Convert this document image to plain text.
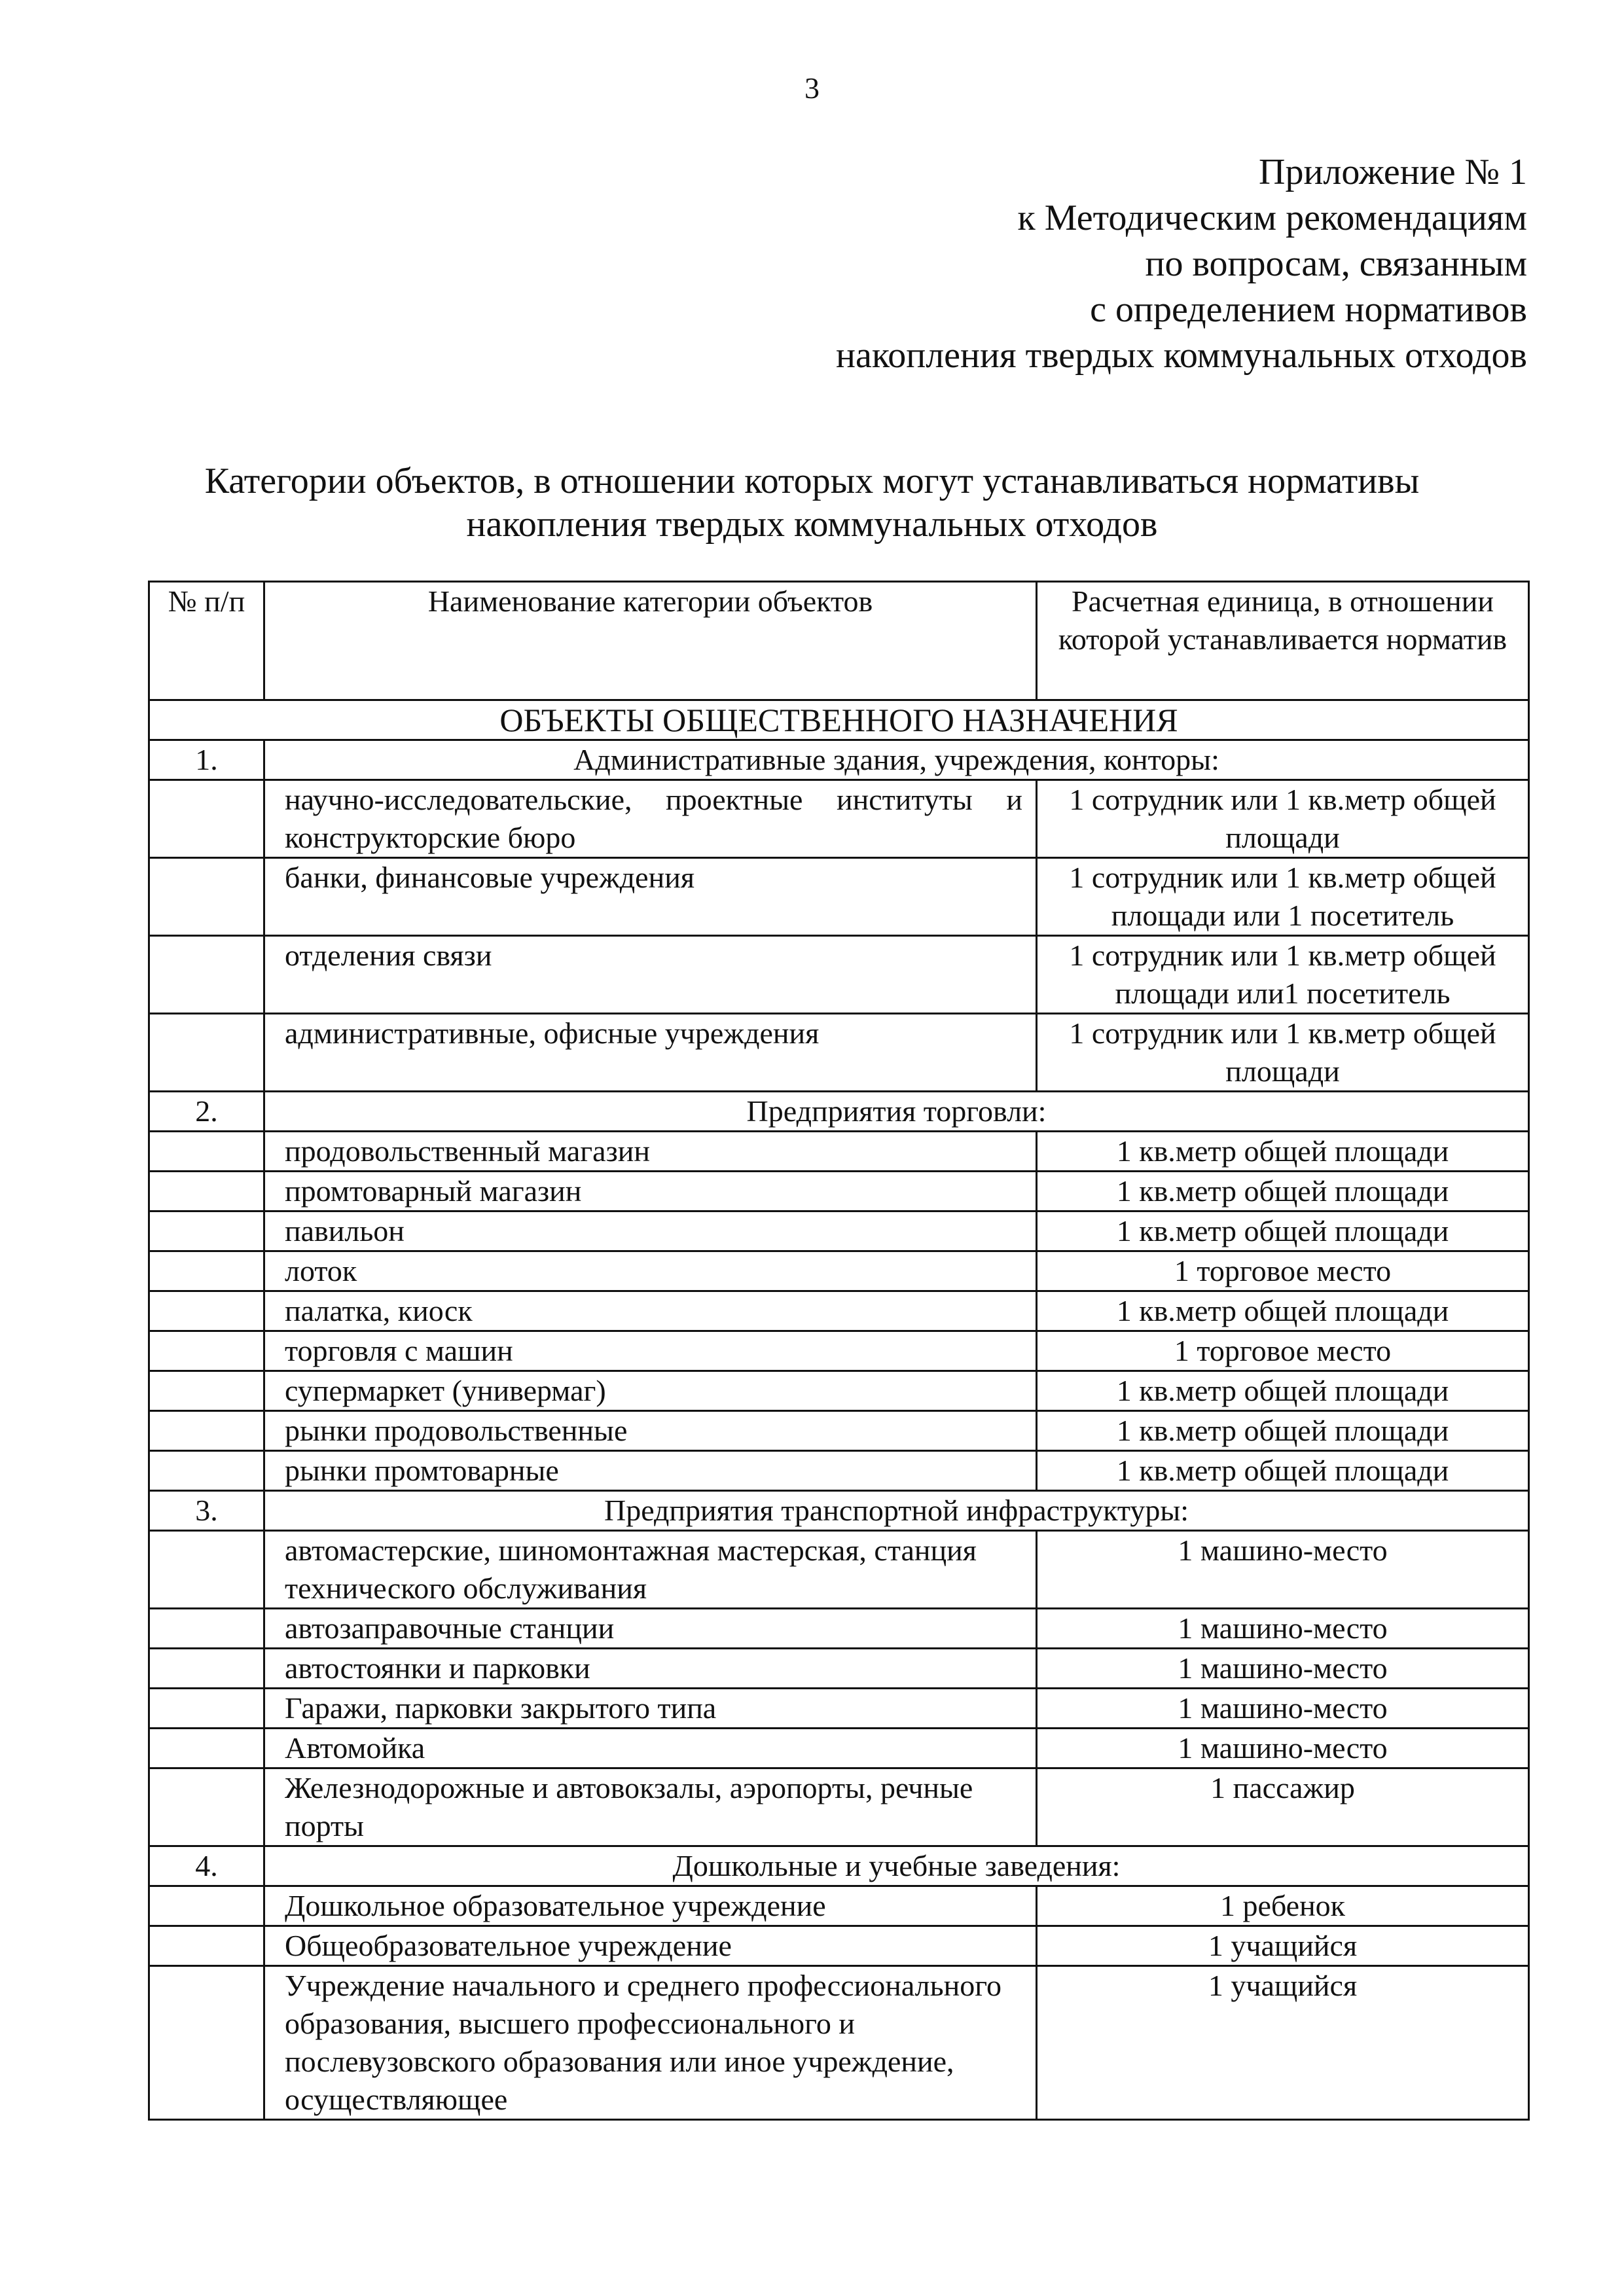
3
Приложение № 1
к Методическим рекомендациям
по вопросам, связанным
с определением нормативов
накопления твердых коммунальных отходов
Категории объектов, в отношении которых могут устанавливаться нормативы
накопления твердых коммунальных отходов
№ п/п	Наименование категории объектов	Расчетная единица, в отношении которой устанавливается норматив
ОБЪЕКТЫ ОБЩЕСТВЕННОГО НАЗНАЧЕНИЯ		
1.	Административные здания, учреждения, конторы:	
	научно-исследовательские, проектные институты и конструкторские бюро	1 сотрудник или 1 кв.метр общей площади
	банки, финансовые учреждения	1 сотрудник или 1 кв.метр общей площади или 1 посетитель
	отделения связи	1 сотрудник или 1 кв.метр общей площади или1 посетитель
	административные, офисные учреждения	1 сотрудник или 1 кв.метр общей площади
2.	Предприятия торговли:	
	продовольственный магазин	1 кв.метр общей площади
	промтоварный магазин	1 кв.метр общей площади
	павильон	1 кв.метр общей площади
	лоток	1 торговое место
	палатка, киоск	1 кв.метр общей площади
	торговля с машин	1 торговое место
	супермаркет (универмаг)	1 кв.метр общей площади
	рынки продовольственные	1 кв.метр общей площади
	рынки промтоварные	1 кв.метр общей площади
3.	Предприятия транспортной инфраструктуры:	
	автомастерские, шиномонтажная мастерская, станция технического обслуживания	1 машино-место
	автозаправочные станции	1 машино-место
	автостоянки и парковки	1 машино-место
	Гаражи, парковки закрытого типа	1 машино-место
	Автомойка	1 машино-место
	Железнодорожные и автовокзалы, аэропорты, речные порты	1 пассажир
4.	Дошкольные и учебные заведения:	
	Дошкольное образовательное учреждение	1 ребенок
	Общеобразовательное учреждение	1 учащийся
	Учреждение начального и среднего профессионального образования, высшего профессионального и послевузовского образования или иное учреждение, осуществляющее	1 учащийся
